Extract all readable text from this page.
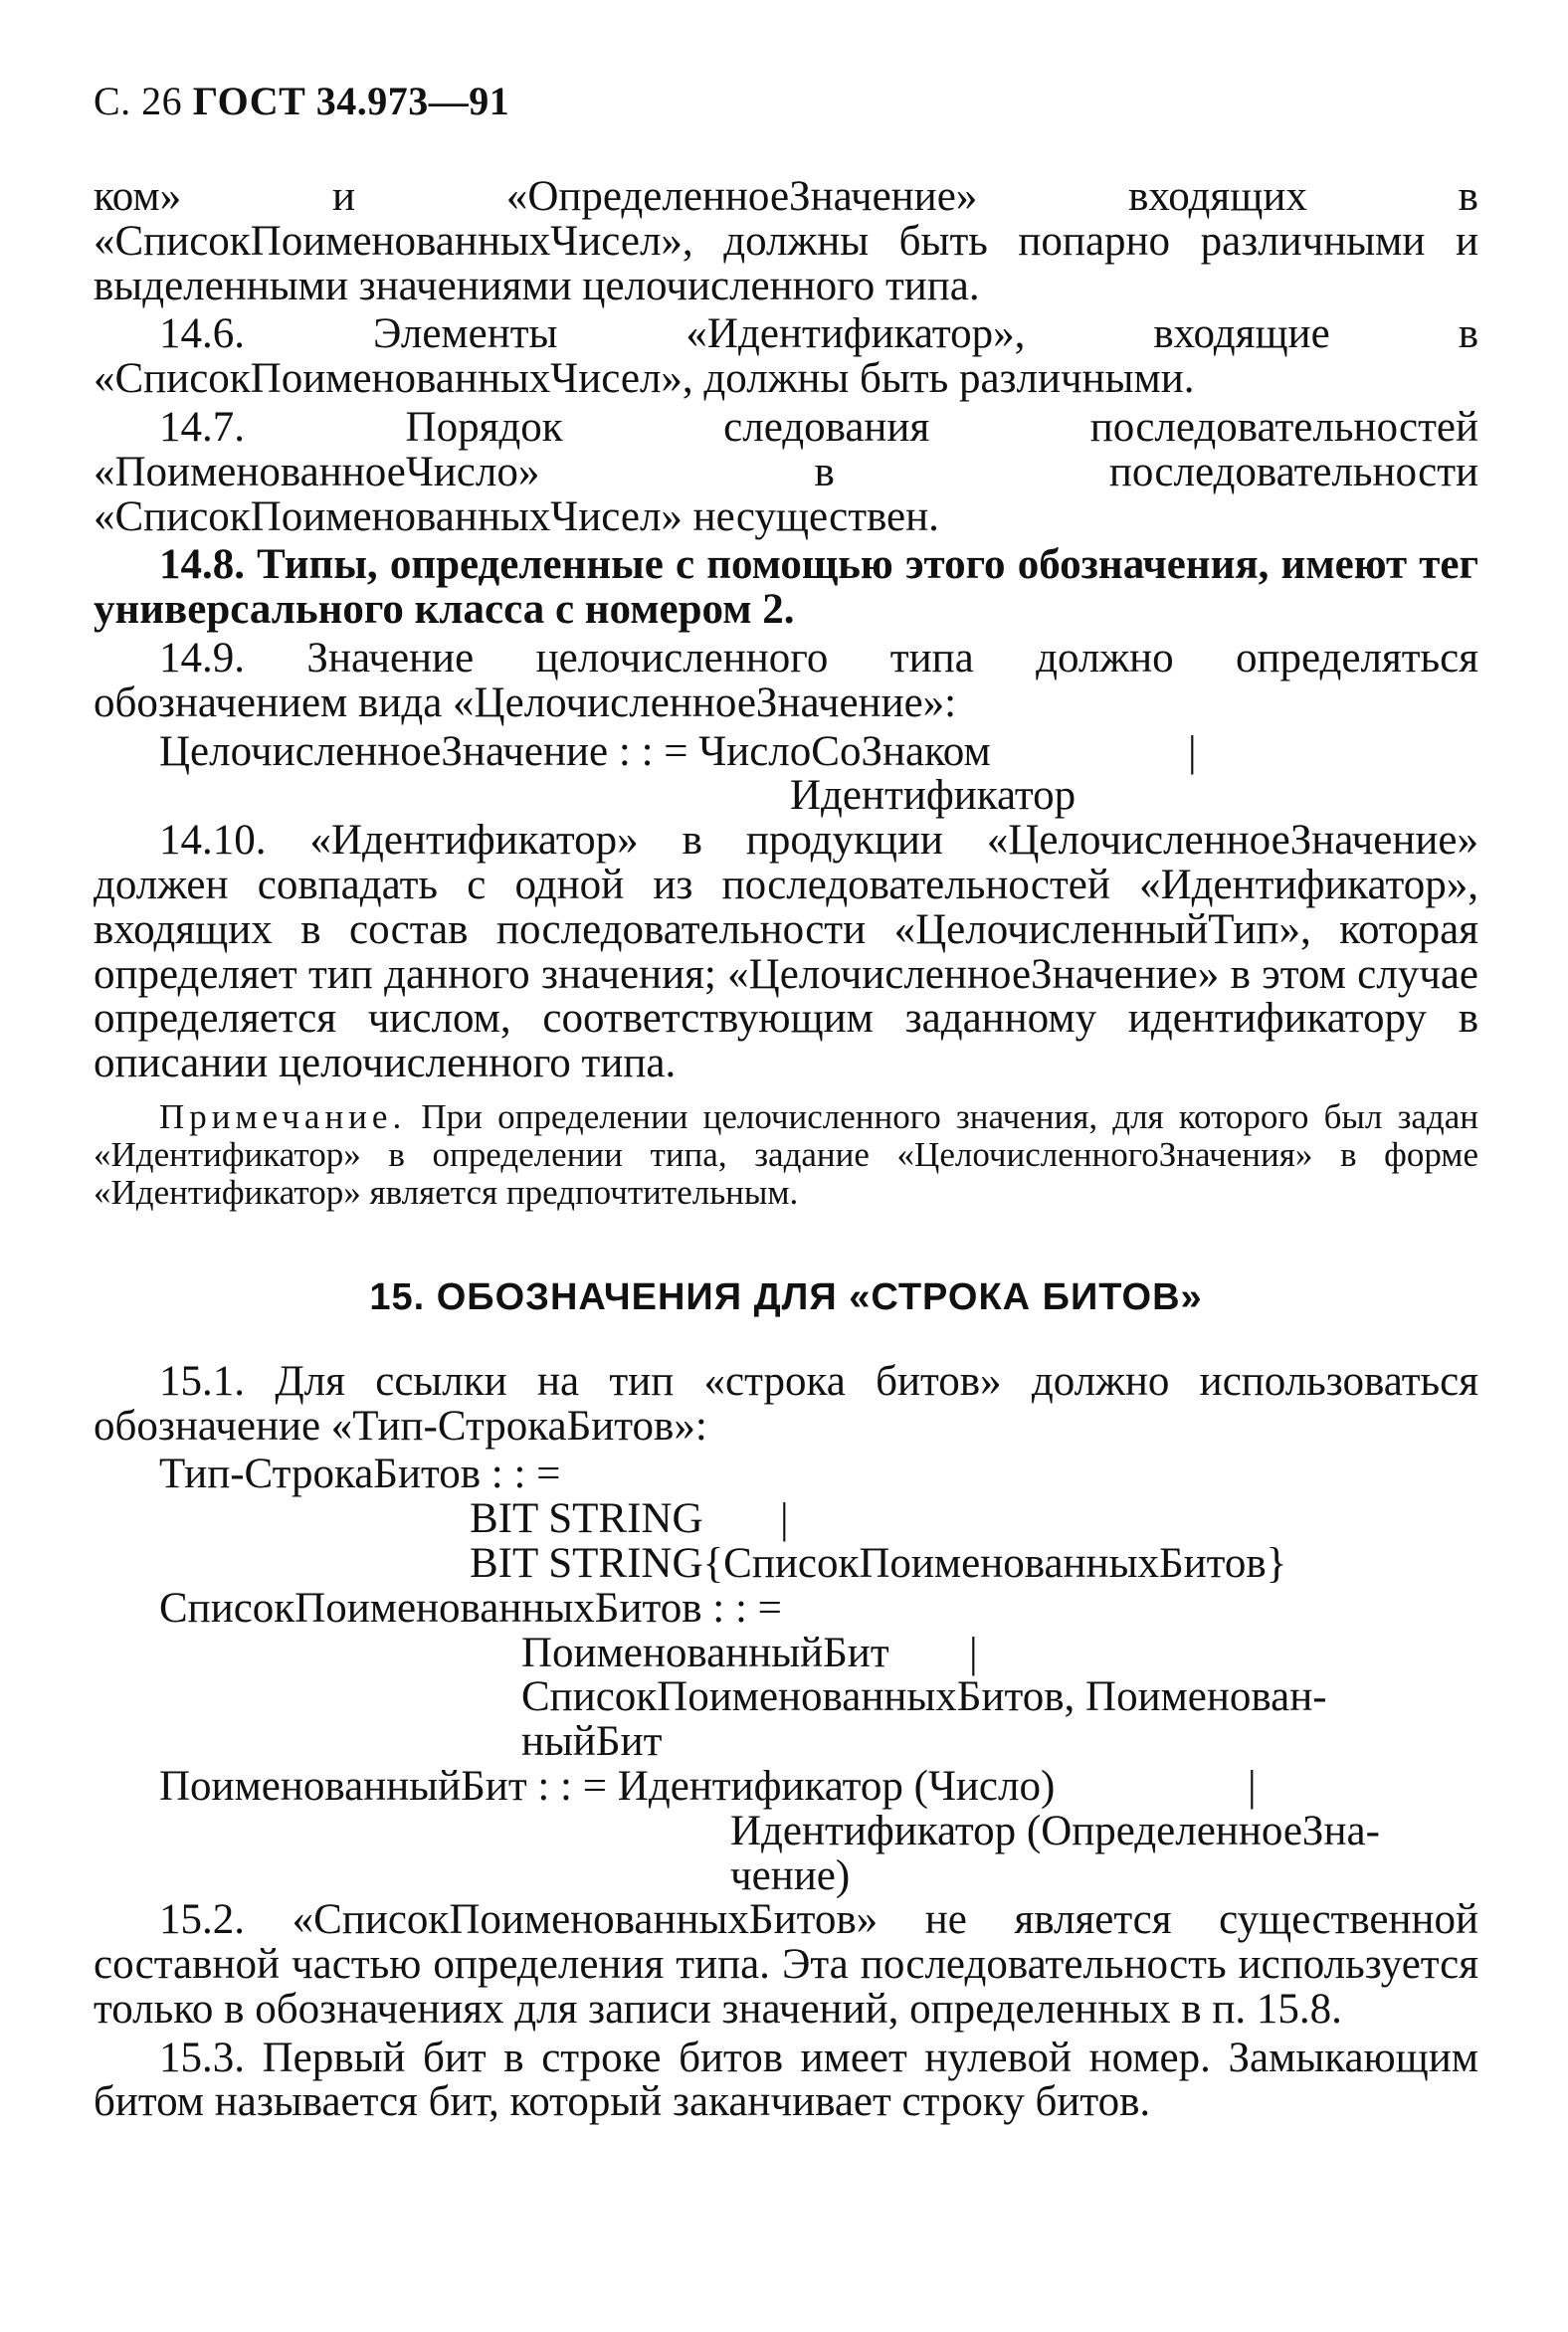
С. 26 ГОСТ 34.973—91

ком» и «ОпределенноеЗначение» входящих в «СписокПоименованныхЧисел», должны быть попарно различными и выделенными значениями целочисленного типа.

14.6. Элементы «Идентификатор», входящие в «СписокПоименованныхЧисел», должны быть различными.

14.7. Порядок следования последовательностей «ПоименованноеЧисло» в последовательности «СписокПоименованныхЧисел» несуществен.

14.8. Типы, определенные с помощью этого обозначения, имеют тег универсального класса с номером 2.

14.9. Значение целочисленного типа должно определяться обозначением вида «ЦелочисленноеЗначение»:

ЦелочисленноеЗначение : : = ЧислоСоЗнаком	|
Идентификатор

14.10. «Идентификатор» в продукции «ЦелочисленноеЗначение» должен совпадать с одной из последовательностей «Идентификатор», входящих в состав последовательности «ЦелочисленныйТип», которая определяет тип данного значения; «ЦелочисленноеЗначение» в этом случае определяется числом, соответствующим заданному идентификатору в описании целочисленного типа.

Примечание. При определении целочисленного значения, для которого был задан «Идентификатор» в определении типа, задание «ЦелочисленногоЗначения» в форме «Идентификатор» является предпочтительным.

15. ОБОЗНАЧЕНИЯ ДЛЯ «СТРОКА БИТОВ»

15.1. Для ссылки на тип «строка битов» должно использоваться обозначение «Тип-СтрокаБитов»:

Тип-СтрокаБитов : : =
BIT STRING |
BIT STRING{СписокПоименованныхБитов}
СписокПоименованныхБитов : : =
ПоименованныйБит |
СписокПоименованныхБитов, Поименован-
ныйБит
ПоименованныйБит : : = Идентификатор (Число)	|
Идентификатор (ОпределенноеЗна-
чение)

15.2. «СписокПоименованныхБитов» не является существенной составной частью определения типа. Эта последовательность используется только в обозначениях для записи значений, определенных в п. 15.8.

15.3. Первый бит в строке битов имеет нулевой номер. Замыкающим битом называется бит, который заканчивает строку битов.
